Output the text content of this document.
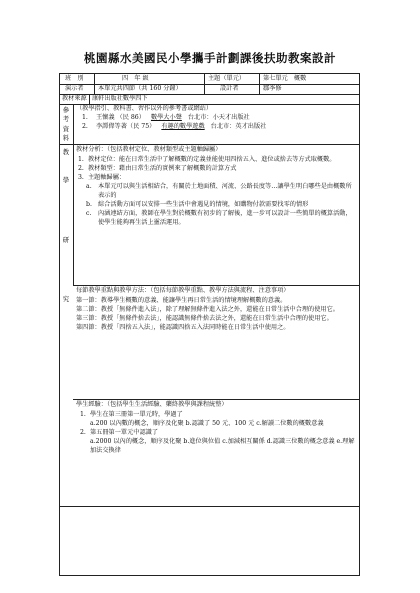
桃園縣水美國民小學攜手計劃課後扶助教案設計
班　別	四　年 級	主題（單元）	第七單元　概數
演示者 本單元共四節（共 160 分鐘）	設計者	鄒季修
教材來源 康軒出版社數學四下
參
考
資
料
（教學指引、教科書、習作以外的參考書或網站）
1.	王懷義 （民 86） 數學大小聲 台北市：小天才出版社
2.	李譚偉等著（民 75） 有趣的數學遊戲 台北市：英才出版社
教
學
研
究
教材分析：（包括教材定位、教材類型或主題軸歸屬）
1. 教材定位：能在日常生活中了解概數的定義並能使用四捨五入、進位或捨去等方式取概數。
2. 教材類型：藉由日常生活的實例來了解概數的計算方式
3. 主題軸歸屬：
a.	本單元可以與生活相結合，有關於土地面積、河流、公路長度等…讓學生明白哪些是由概數所表示的
b. 綜合活動方面可以安排一些生活中會遇見的情境，如購物付款需要找零的情形
c.	內涵連結方面，教師在學生對於概數有初步的了解後，進一步可以設計一些簡單的概算活動，使學生能夠再生活上靈活運用。
每節教學重點與教學方法：（包括每節教學重點、教學方法與流程、注意事項）
第一節：教導學生概數的意義、能讓學生再日常生活的情境理解概數的意義。
第二節：教授「無條件進入法」，除了理解無條件進入法之外，還能在日常生活中合理的使用它。
第三節：教授「無條件捨去法」，能認識無條件捨去法之外，還能在日常生活中合理的使用它。
第四節：教授「四捨五入法」，能認識四捨五入法同時能在日常生活中使用之。
學生經驗：（包括學生生活經驗、藥終教學與課程統整）
1. 學生在第三冊第一單元時，學過了
a.200 以內數的概念，順序及化聚 b.認識了 50 元、100 元 c.解讀二位數的概數意義
2. 第五冊第一單元中認識了
a.2000 以內的概念，順序及化聚 b.進位與位值 c.加減相互關係 d.認識三位數的概念意義 e.理解加法交換律
